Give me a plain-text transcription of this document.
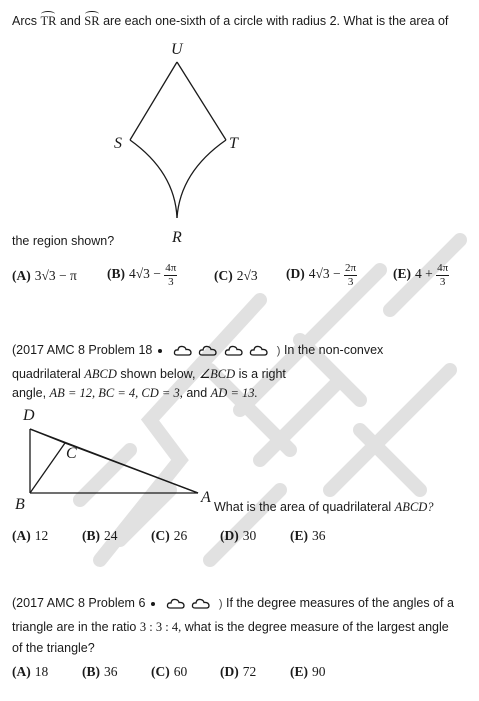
Arcs TR and SR are each one-sixth of a circle with radius 2. What is the area of
U
S	T
R
the region shown?
(A) 3√3 − π (B) $4√3 - \frac{4\pi}{3}$	(C) 2√3 (D) $4√3 - \frac{2\pi}{3}$	(E) $4 + \frac{4\pi}{3}$
(2017 AMC 8 Problem 18	) In the non-convex
quadrilateral ABCD shown below, ∠BCD is a right
angle, AB = 12, BC = 4, CD = 3, and AD = 13.
D
C
B	A
What is the area of quadrilateral ABCD?
(A) 12	(B) 24 (C) 26 (D) 30	(E) 36
(2017 AMC 8 Problem 6	) If the degree measures of the angles of a
triangle are in the ratio 3 : 3 : 4, what is the degree measure of the largest angle
of the triangle?
(A) 18	(B) 36 (C) 60 (D) 72	(E) 90
